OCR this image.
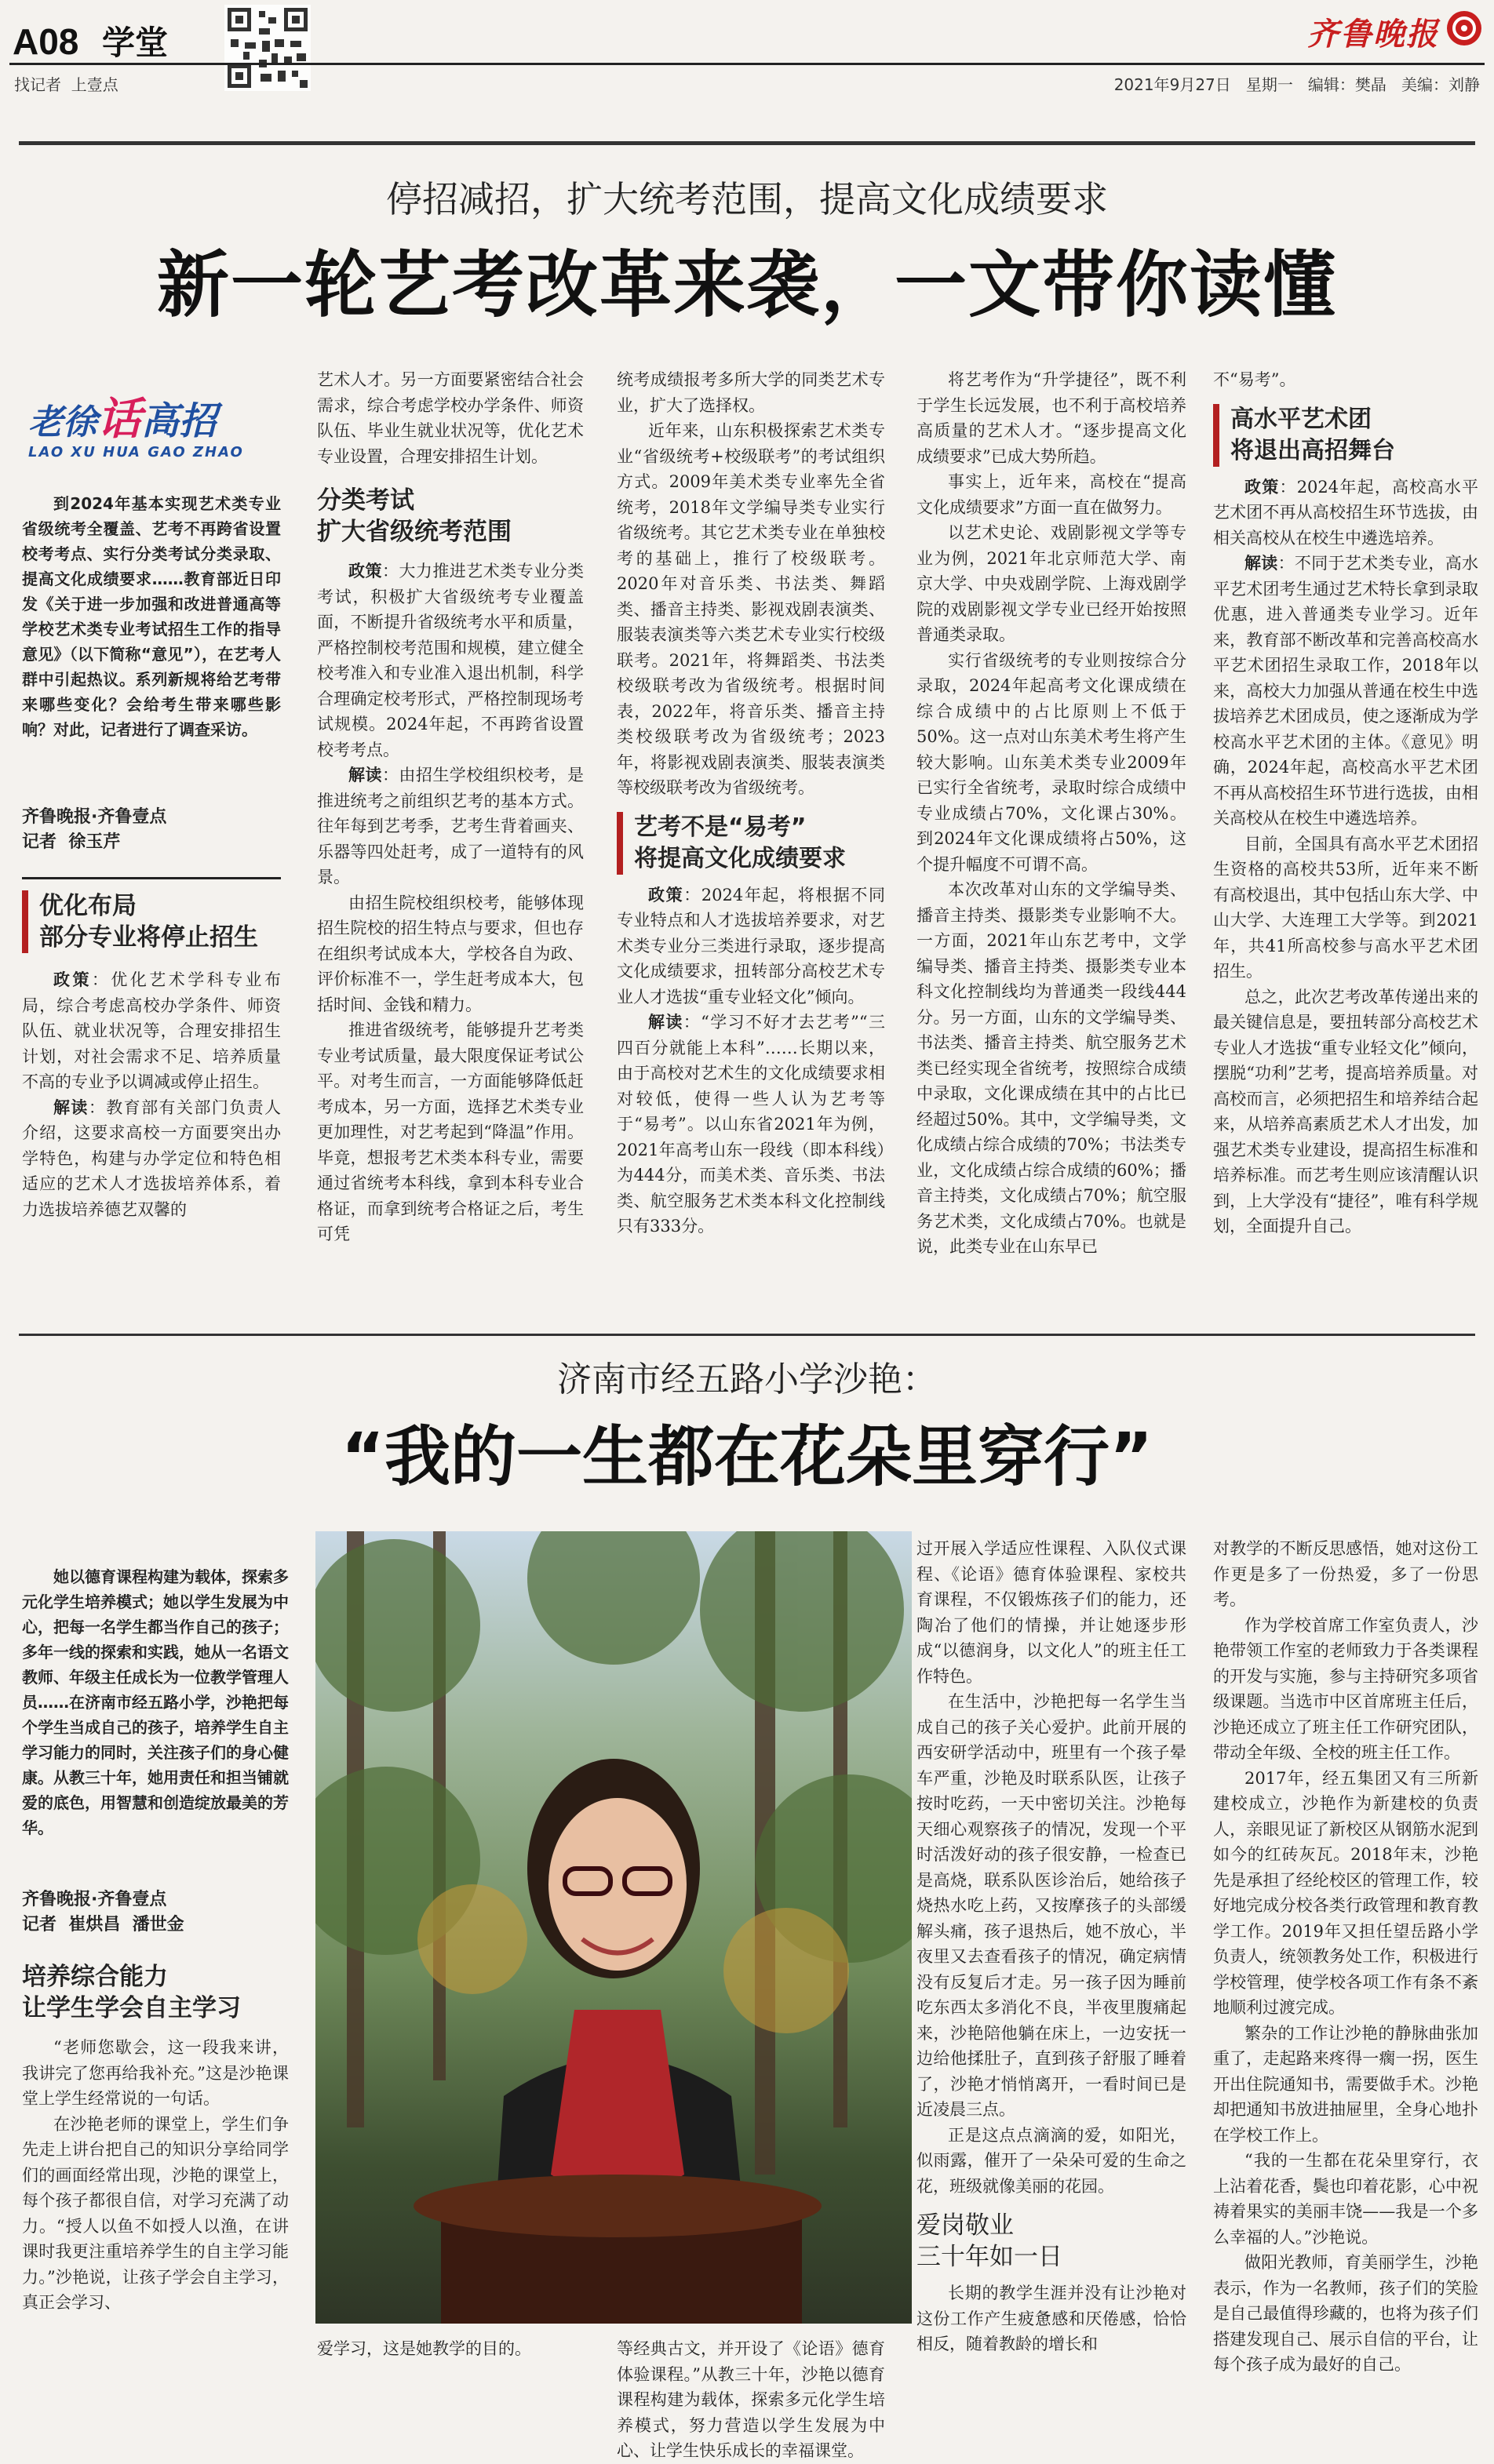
A08 学堂
找记者  上壹点
齐鲁晚报
2021年9月27日   星期一   编辑：樊晶   美编：刘静
停招减招，扩大统考范围，提高文化成绩要求
新一轮艺考改革来袭，一文带你读懂
老徐话高招
LAO XU HUA GAO ZHAO

到2024年基本实现艺术类专业省级统考全覆盖、艺考不再跨省设置校考考点、实行分类考试分类录取、提高文化成绩要求……教育部近日印发《关于进一步加强和改进普通高等学校艺术类专业考试招生工作的指导意见》（以下简称“意见”），在艺考人群中引起热议。系列新规将给艺考带来哪些变化？会给考生带来哪些影响？对此，记者进行了调查采访。

齐鲁晚报·齐鲁壹点
记者  徐玉芹
优化布局
部分专业将停止招生

政策：优化艺术学科专业布局，综合考虑高校办学条件、师资队伍、就业状况等，合理安排招生计划，对社会需求不足、培养质量不高的专业予以调减或停止招生。

解读：教育部有关部门负责人介绍，这要求高校一方面要突出办学特色，构建与办学定位和特色相适应的艺术人才选拔培养体系，着力选拔培养德艺双馨的

艺术人才。另一方面要紧密结合社会需求，综合考虑学校办学条件、师资队伍、毕业生就业状况等，优化艺术专业设置，合理安排招生计划。

分类考试
扩大省级统考范围

政策：大力推进艺术类专业分类考试，积极扩大省级统考专业覆盖面，不断提升省级统考水平和质量，严格控制校考范围和规模，建立健全校考准入和专业准入退出机制，科学合理确定校考形式，严格控制现场考试规模。2024年起，不再跨省设置校考考点。

解读：由招生学校组织校考，是推进统考之前组织艺考的基本方式。往年每到艺考季，艺考生背着画夹、乐器等四处赶考，成了一道特有的风景。

由招生院校组织校考，能够体现招生院校的招生特点与要求，但也存在组织考试成本大，学校各自为政、评价标准不一，学生赶考成本大，包括时间、金钱和精力。

推进省级统考，能够提升艺考类专业考试质量，最大限度保证考试公平。对考生而言，一方面能够降低赶考成本，另一方面，选择艺术类专业更加理性，对艺考起到“降温”作用。毕竟，想报考艺术类本科专业，需要通过省统考本科线，拿到本科专业合格证，而拿到统考合格证之后，考生可凭

统考成绩报考多所大学的同类艺术专业，扩大了选择权。

近年来，山东积极探索艺术类专业“省级统考+校级联考”的考试组织方式。2009年美术类专业率先全省统考，2018年文学编导类专业实行省级统考。其它艺术类专业在单独校考的基础上，推行了校级联考。2020年对音乐类、书法类、舞蹈类、播音主持类、影视戏剧表演类、服装表演类等六类艺术专业实行校级联考。2021年，将舞蹈类、书法类校级联考改为省级统考。根据时间表，2022年，将音乐类、播音主持类校级联考改为省级统考；2023年，将影视戏剧表演类、服装表演类等校级联考改为省级统考。

艺考不是“易考”
将提高文化成绩要求

政策：2024年起，将根据不同专业特点和人才选拔培养要求，对艺术类专业分三类进行录取，逐步提高文化成绩要求，扭转部分高校艺术专业人才选拔“重专业轻文化”倾向。

解读：“学习不好才去艺考”“三四百分就能上本科”……长期以来，由于高校对艺术生的文化成绩要求相对较低，使得一些人认为艺考等于“易考”。以山东省2021年为例，2021年高考山东一段线（即本科线）为444分，而美术类、音乐类、书法类、航空服务艺术类本科文化控制线只有333分。

将艺考作为“升学捷径”，既不利于学生长远发展，也不利于高校培养高质量的艺术人才。“逐步提高文化成绩要求”已成大势所趋。

事实上，近年来，高校在“提高文化成绩要求”方面一直在做努力。

以艺术史论、戏剧影视文学等专业为例，2021年北京师范大学、南京大学、中央戏剧学院、上海戏剧学院的戏剧影视文学专业已经开始按照普通类录取。

实行省级统考的专业则按综合分录取，2024年起高考文化课成绩在综合成绩中的占比原则上不低于50%。这一点对山东美术考生将产生较大影响。山东美术类专业2009年已实行全省统考，录取时综合成绩中专业成绩占70%，文化课占30%。到2024年文化课成绩将占50%，这个提升幅度不可谓不高。

本次改革对山东的文学编导类、播音主持类、摄影类专业影响不大。一方面，2021年山东艺考中，文学编导类、播音主持类、摄影类专业本科文化控制线均为普通类一段线444分。另一方面，山东的文学编导类、书法类、播音主持类、航空服务艺术类已经实现全省统考，按照综合成绩中录取，文化课成绩在其中的占比已经超过50%。其中，文学编导类，文化成绩占综合成绩的70%；书法类专业，文化成绩占综合成绩的60%；播音主持类，文化成绩占70%；航空服务艺术类，文化成绩占70%。也就是说，此类专业在山东早已

不“易考”。

高水平艺术团
将退出高招舞台

政策：2024年起，高校高水平艺术团不再从高校招生环节选拔，由相关高校从在校生中遴选培养。

解读：不同于艺术类专业，高水平艺术团考生通过艺术特长拿到录取优惠，进入普通类专业学习。近年来，教育部不断改革和完善高校高水平艺术团招生录取工作，2018年以来，高校大力加强从普通在校生中选拔培养艺术团成员，使之逐渐成为学校高水平艺术团的主体。《意见》明确，2024年起，高校高水平艺术团不再从高校招生环节进行选拔，由相关高校从在校生中遴选培养。

目前，全国具有高水平艺术团招生资格的高校共53所，近年来不断有高校退出，其中包括山东大学、中山大学、大连理工大学等。到2021年，共41所高校参与高水平艺术团招生。

总之，此次艺考改革传递出来的最关键信息是，要扭转部分高校艺术专业人才选拔“重专业轻文化”倾向，摆脱“功利”艺考，提高培养质量。对高校而言，必须把招生和培养结合起来，从培养高素质艺术人才出发，加强艺术类专业建设，提高招生标准和培养标准。而艺考生则应该清醒认识到，上大学没有“捷径”，唯有科学规划，全面提升自己。

济南市经五路小学沙艳：
“我的一生都在花朵里穿行”

她以德育课程构建为载体，探索多元化学生培养模式；她以学生发展为中心，把每一名学生都当作自己的孩子；多年一线的探索和实践，她从一名语文教师、年级主任成长为一位教学管理人员……在济南市经五路小学，沙艳把每个学生当成自己的孩子，培养学生自主学习能力的同时，关注孩子们的身心健康。从教三十年，她用责任和担当铺就爱的底色，用智慧和创造绽放最美的芳华。

齐鲁晚报·齐鲁壹点
记者  崔烘昌  潘世金
培养综合能力
让学生学会自主学习

“老师您歇会，这一段我来讲，我讲完了您再给我补充。”这是沙艳课堂上学生经常说的一句话。

在沙艳老师的课堂上，学生们争先走上讲台把自己的知识分享给同学们的画面经常出现，沙艳的课堂上，每个孩子都很自信，对学习充满了动力。“授人以鱼不如授人以渔，在讲课时我更注重培养学生的自主学习能力。”沙艳说，让孩子学会自主学习，真正会学习、

爱学习，这是她教学的目的。	等经典古文，并开设了《论语》德育体验课程。”从教三十年，沙艳以德育课程构建为载体，探索多元化学生培养模式，努力营造以学生发展为中心、让学生快乐成长的幸福课堂。

过开展入学适应性课程、入队仪式课程、《论语》德育体验课程、家校共育课程，不仅锻炼孩子们的能力，还陶冶了他们的情操，并让她逐步形成“以德润身，以文化人”的班主任工作特色。

在生活中，沙艳把每一名学生当成自己的孩子关心爱护。此前开展的西安研学活动中，班里有一个孩子晕车严重，沙艳及时联系队医，让孩子按时吃药，一天中密切关注。沙艳每天细心观察孩子的情况，发现一个平时活泼好动的孩子很安静，一检查已是高烧，联系队医诊治后，她给孩子烧热水吃上药，又按摩孩子的头部缓解头痛，孩子退热后，她不放心，半夜里又去查看孩子的情况，确定病情没有反复后才走。另一孩子因为睡前吃东西太多消化不良，半夜里腹痛起来，沙艳陪他躺在床上，一边安抚一边给他揉肚子，直到孩子舒服了睡着了，沙艳才悄悄离开，一看时间已是近凌晨三点。

正是这点点滴滴的爱，如阳光，似雨露，催开了一朵朵可爱的生命之花，班级就像美丽的花园。

爱岗敬业
三十年如一日

长期的教学生涯并没有让沙艳对这份工作产生疲惫感和厌倦感，恰恰相反，随着教龄的增长和

对教学的不断反思感悟，她对这份工作更是多了一份热爱，多了一份思考。

作为学校首席工作室负责人，沙艳带领工作室的老师致力于各类课程的开发与实施，参与主持研究多项省级课题。当选市中区首席班主任后，沙艳还成立了班主任工作研究团队，带动全年级、全校的班主任工作。

2017年，经五集团又有三所新建校成立，沙艳作为新建校的负责人，亲眼见证了新校区从钢筋水泥到如今的红砖灰瓦。2018年末，沙艳先是承担了经纶校区的管理工作，较好地完成分校各类行政管理和教育教学工作。2019年又担任望岳路小学负责人，统领教务处工作，积极进行学校管理，使学校各项工作有条不紊地顺利过渡完成。

繁杂的工作让沙艳的静脉曲张加重了，走起路来疼得一瘸一拐，医生开出住院通知书，需要做手术。沙艳却把通知书放进抽屉里，全身心地扑在学校工作上。

“我的一生都在花朵里穿行，衣上沾着花香，鬓也印着花影，心中祝祷着果实的美丽丰饶——我是一个多么幸福的人。”沙艳说。

做阳光教师，育美丽学生，沙艳表示，作为一名教师，孩子们的笑脸是自己最值得珍藏的，也将为孩子们搭建发现自己、展示自信的平台，让每个孩子成为最好的自己。
